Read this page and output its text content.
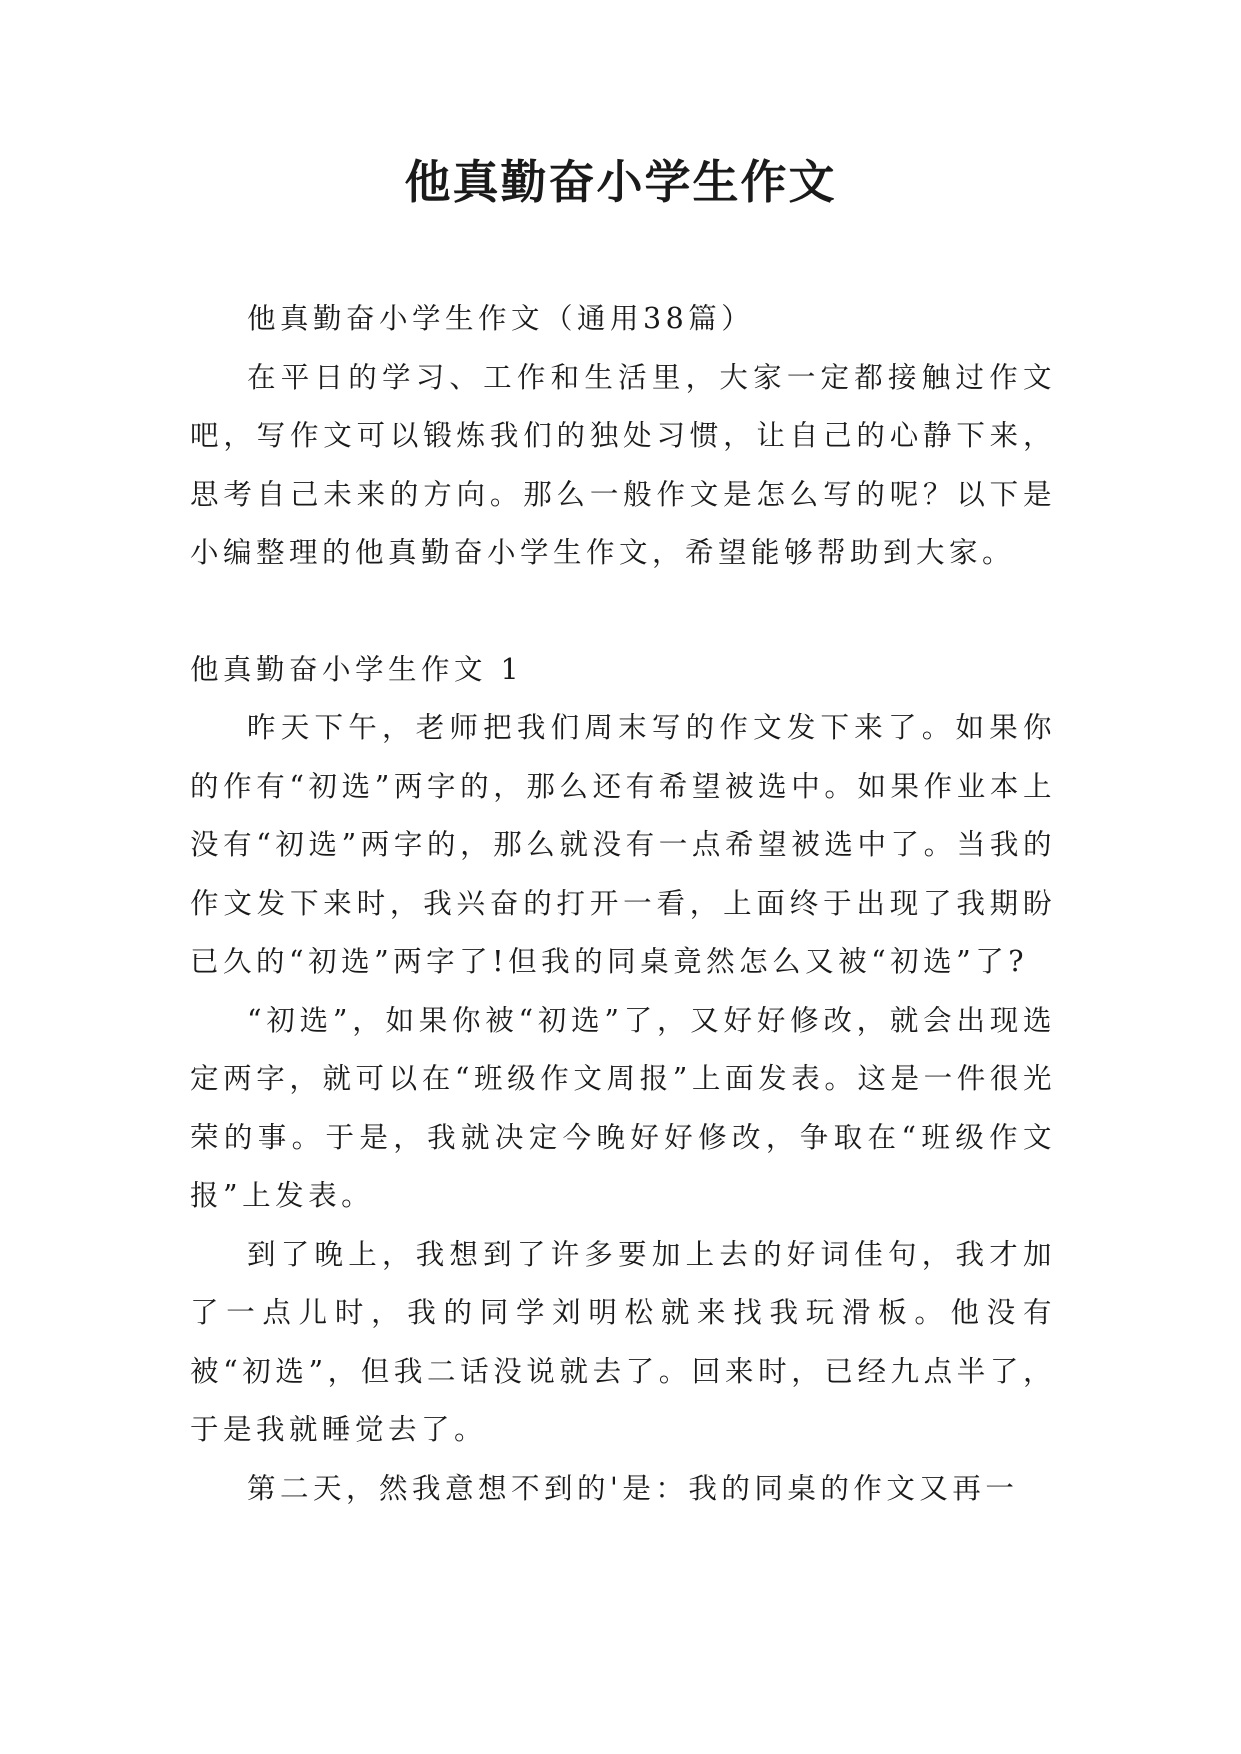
他真勤奋小学生作文

他真勤奋小学生作文（通用38篇）

在平日的学习、工作和生活里，大家一定都接触过作文吧，写作文可以锻炼我们的独处习惯，让自己的心静下来，思考自己未来的方向。那么一般作文是怎么写的呢？以下是小编整理的他真勤奋小学生作文，希望能够帮助到大家。

他真勤奋小学生作文 1

昨天下午，老师把我们周末写的作文发下来了。如果你的作有“初选”两字的，那么还有希望被选中。如果作业本上没有“初选”两字的，那么就没有一点希望被选中了。当我的作文发下来时，我兴奋的打开一看，上面终于出现了我期盼已久的“初选”两字了!但我的同桌竟然怎么又被“初选”了?

“初选”，如果你被“初选”了，又好好修改，就会出现选定两字，就可以在“班级作文周报”上面发表。这是一件很光荣的事。于是，我就决定今晚好好修改，争取在“班级作文报”上发表。

到了晚上，我想到了许多要加上去的好词佳句，我才加了一点儿时，我的同学刘明松就来找我玩滑板。他没有被“初选”，但我二话没说就去了。回来时，已经九点半了，于是我就睡觉去了。

第二天，然我意想不到的'是：我的同桌的作文又再一
